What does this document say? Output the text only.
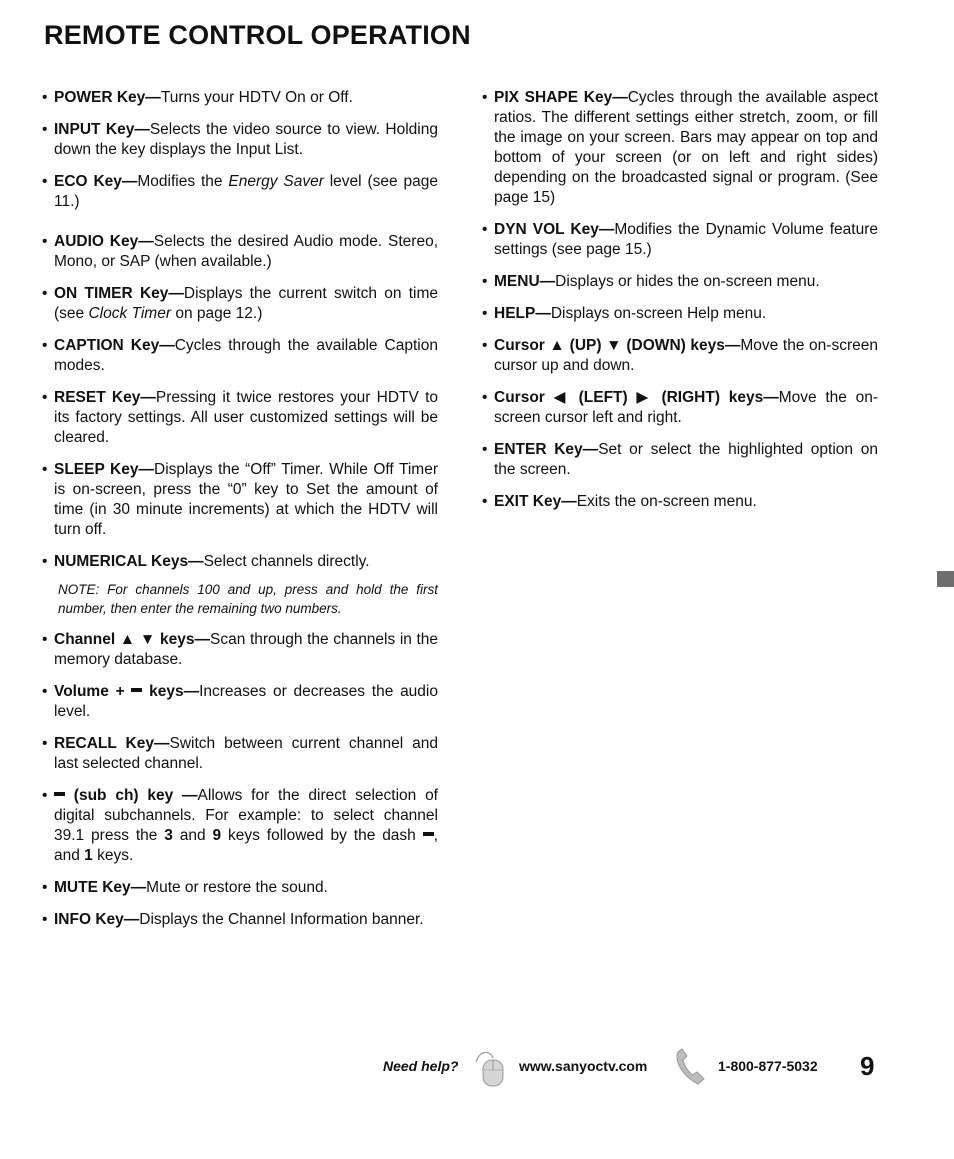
REMOTE CONTROL OPERATION
• POWER Key—Turns your HDTV On or Off.
• INPUT Key—Selects the video source to view. Holding down the key displays the Input List.
• ECO Key—Modifies the Energy Saver level (see page 11.)
• AUDIO Key—Selects the desired Audio mode. Stereo, Mono, or SAP (when available.)
• ON TIMER Key—Displays the current switch on time (see Clock Timer on page 12.)
• CAPTION Key—Cycles through the available Caption modes.
• RESET Key—Pressing it twice restores your HDTV to its factory settings. All user customized settings will be cleared.
• SLEEP Key—Displays the “Off” Timer. While Off Timer is on-screen, press the “0” key to Set the amount of time (in 30 minute increments) at which the HDTV will turn off.
• NUMERICAL Keys—Select channels directly.
NOTE: For channels 100 and up, press and hold the first number, then enter the remaining two numbers.
• Channel ▲ ▼ keys—Scan through the channels in the memory database.
• Volume +  keys—Increases or decreases the audio level.
• RECALL Key—Switch between current channel and last selected channel.
• (sub ch) key —Allows for the direct selection of digital subchannels. For example: to select channel 39.1 press the 3 and 9 keys followed by the dash , and 1 keys.
• MUTE Key—Mute or restore the sound.
• INFO Key—Displays the Channel Information banner.
• PIX SHAPE Key—Cycles through the available aspect ratios. The different settings either stretch, zoom, or fill the image on your screen. Bars may appear on top and bottom of your screen (or on left and right sides) depending on the broadcasted signal or program. (See page 15)
• DYN VOL Key—Modifies the Dynamic Volume feature settings (see page 15.)
• MENU—Displays or hides the on-screen menu.
• HELP—Displays on-screen Help menu.
• Cursor ▲ (UP) ▼ (DOWN) keys—Move the on-screen cursor up and down.
• Cursor ◀ (LEFT) ▶ (RIGHT) keys—Move the on-screen cursor left and right.
• ENTER Key—Set or select the highlighted option on the screen.
• EXIT Key—Exits the on-screen menu.
Need help?	www.sanyoctv.com	1-800-877-5032 9
